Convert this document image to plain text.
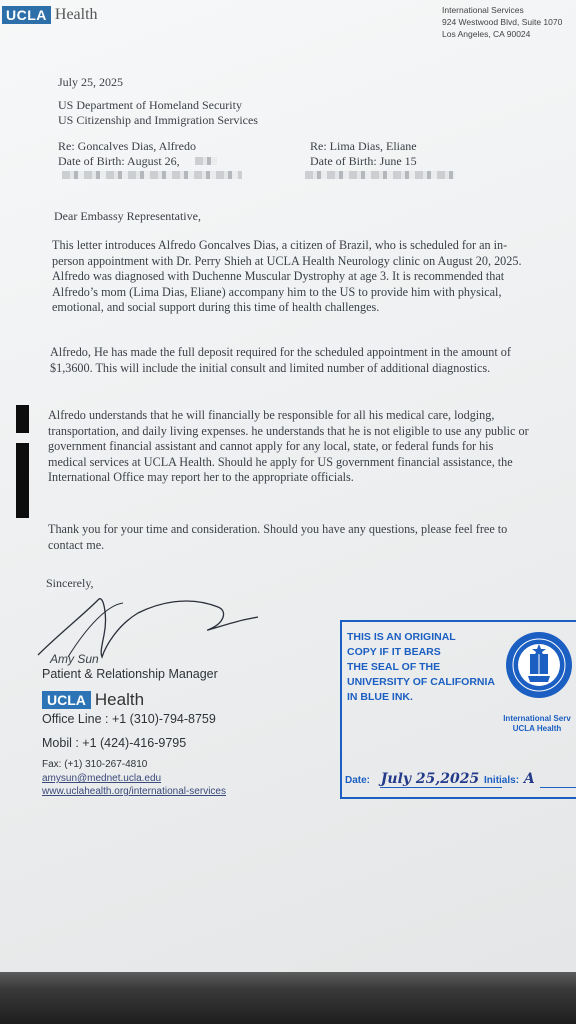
UCLA Health	International Services
924 Westwood Blvd, Suite 1070
Los Angeles, CA 90024
July 25, 2025
US Department of Homeland Security
US Citizenship and Immigration Services
Re: Goncalves Dias, Alfredo
Date of Birth: August 26,
Re: Lima Dias, Eliane
Date of Birth: June 15
Dear Embassy Representative,
This letter introduces Alfredo Goncalves Dias, a citizen of Brazil, who is scheduled for an in-person appointment with Dr. Perry Shieh at UCLA Health Neurology clinic on August 20, 2025. Alfredo was diagnosed with Duchenne Muscular Dystrophy at age 3. It is recommended that Alfredo’s mom (Lima Dias, Eliane) accompany him to the US to provide him with physical, emotional, and social support during this time of health challenges.
Alfredo, He has made the full deposit required for the scheduled appointment in the amount of $1,3600. This will include the initial consult and limited number of additional diagnostics.
Alfredo understands that he will financially be responsible for all his medical care, lodging, transportation, and daily living expenses. he understands that he is not eligible to use any public or government financial assistant and cannot apply for any local, state, or federal funds for his medical services at UCLA Health. Should he apply for US government financial assistance, the International Office may report her to the appropriate officials.
Thank you for your time and consideration. Should you have any questions, please feel free to contact me.
Sincerely,
Amy Sun
Patient & Relationship Manager
UCLA Health
Office Line : +1 (310)-794-8759
Mobil : +1 (424)-416-9795
Fax: (+1) 310-267-4810
amysun@mednet.ucla.edu
www.uclahealth.org/international-services
THIS IS AN ORIGINAL
COPY IF IT BEARS
THE SEAL OF THE
UNIVERSITY OF CALIFORNIA
IN BLUE INK.
International Serv
UCLA Health
Date: July 25,2025 Initials: A
